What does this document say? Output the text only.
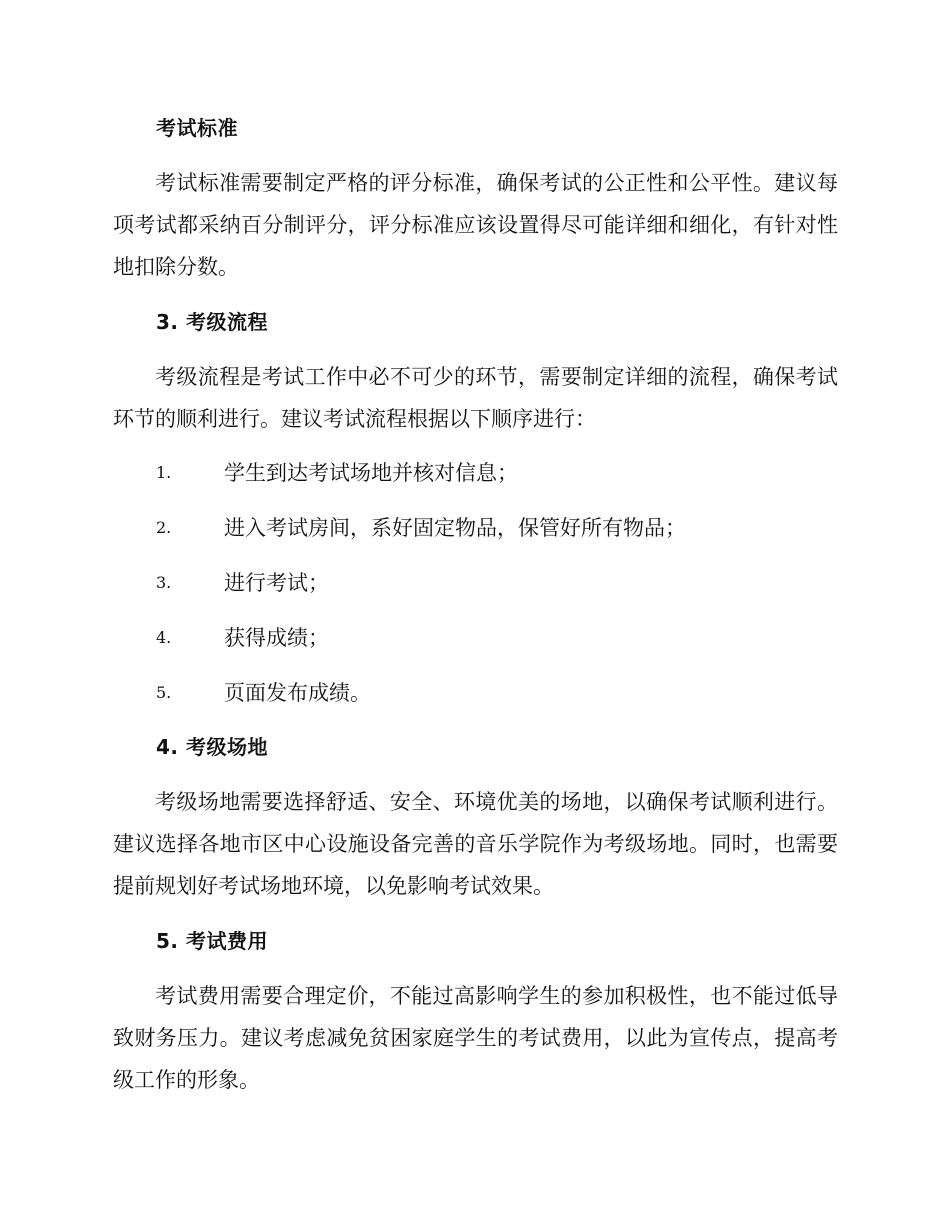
考试标准
考试标准需要制定严格的评分标准，确保考试的公正性和公平性。建议每项考试都采纳百分制评分，评分标准应该设置得尽可能详细和细化，有针对性地扣除分数。
3. 考级流程
考级流程是考试工作中必不可少的环节，需要制定详细的流程，确保考试环节的顺利进行。建议考试流程根据以下顺序进行：
1.	学生到达考试场地并核对信息；
2.	进入考试房间，系好固定物品，保管好所有物品；
3.	进行考试；
4.	获得成绩；
5.	页面发布成绩。
4. 考级场地
考级场地需要选择舒适、安全、环境优美的场地，以确保考试顺利进行。建议选择各地市区中心设施设备完善的音乐学院作为考级场地。同时，也需要提前规划好考试场地环境，以免影响考试效果。
5. 考试费用
考试费用需要合理定价，不能过高影响学生的参加积极性，也不能过低导致财务压力。建议考虑减免贫困家庭学生的考试费用，以此为宣传点，提高考级工作的形象。
